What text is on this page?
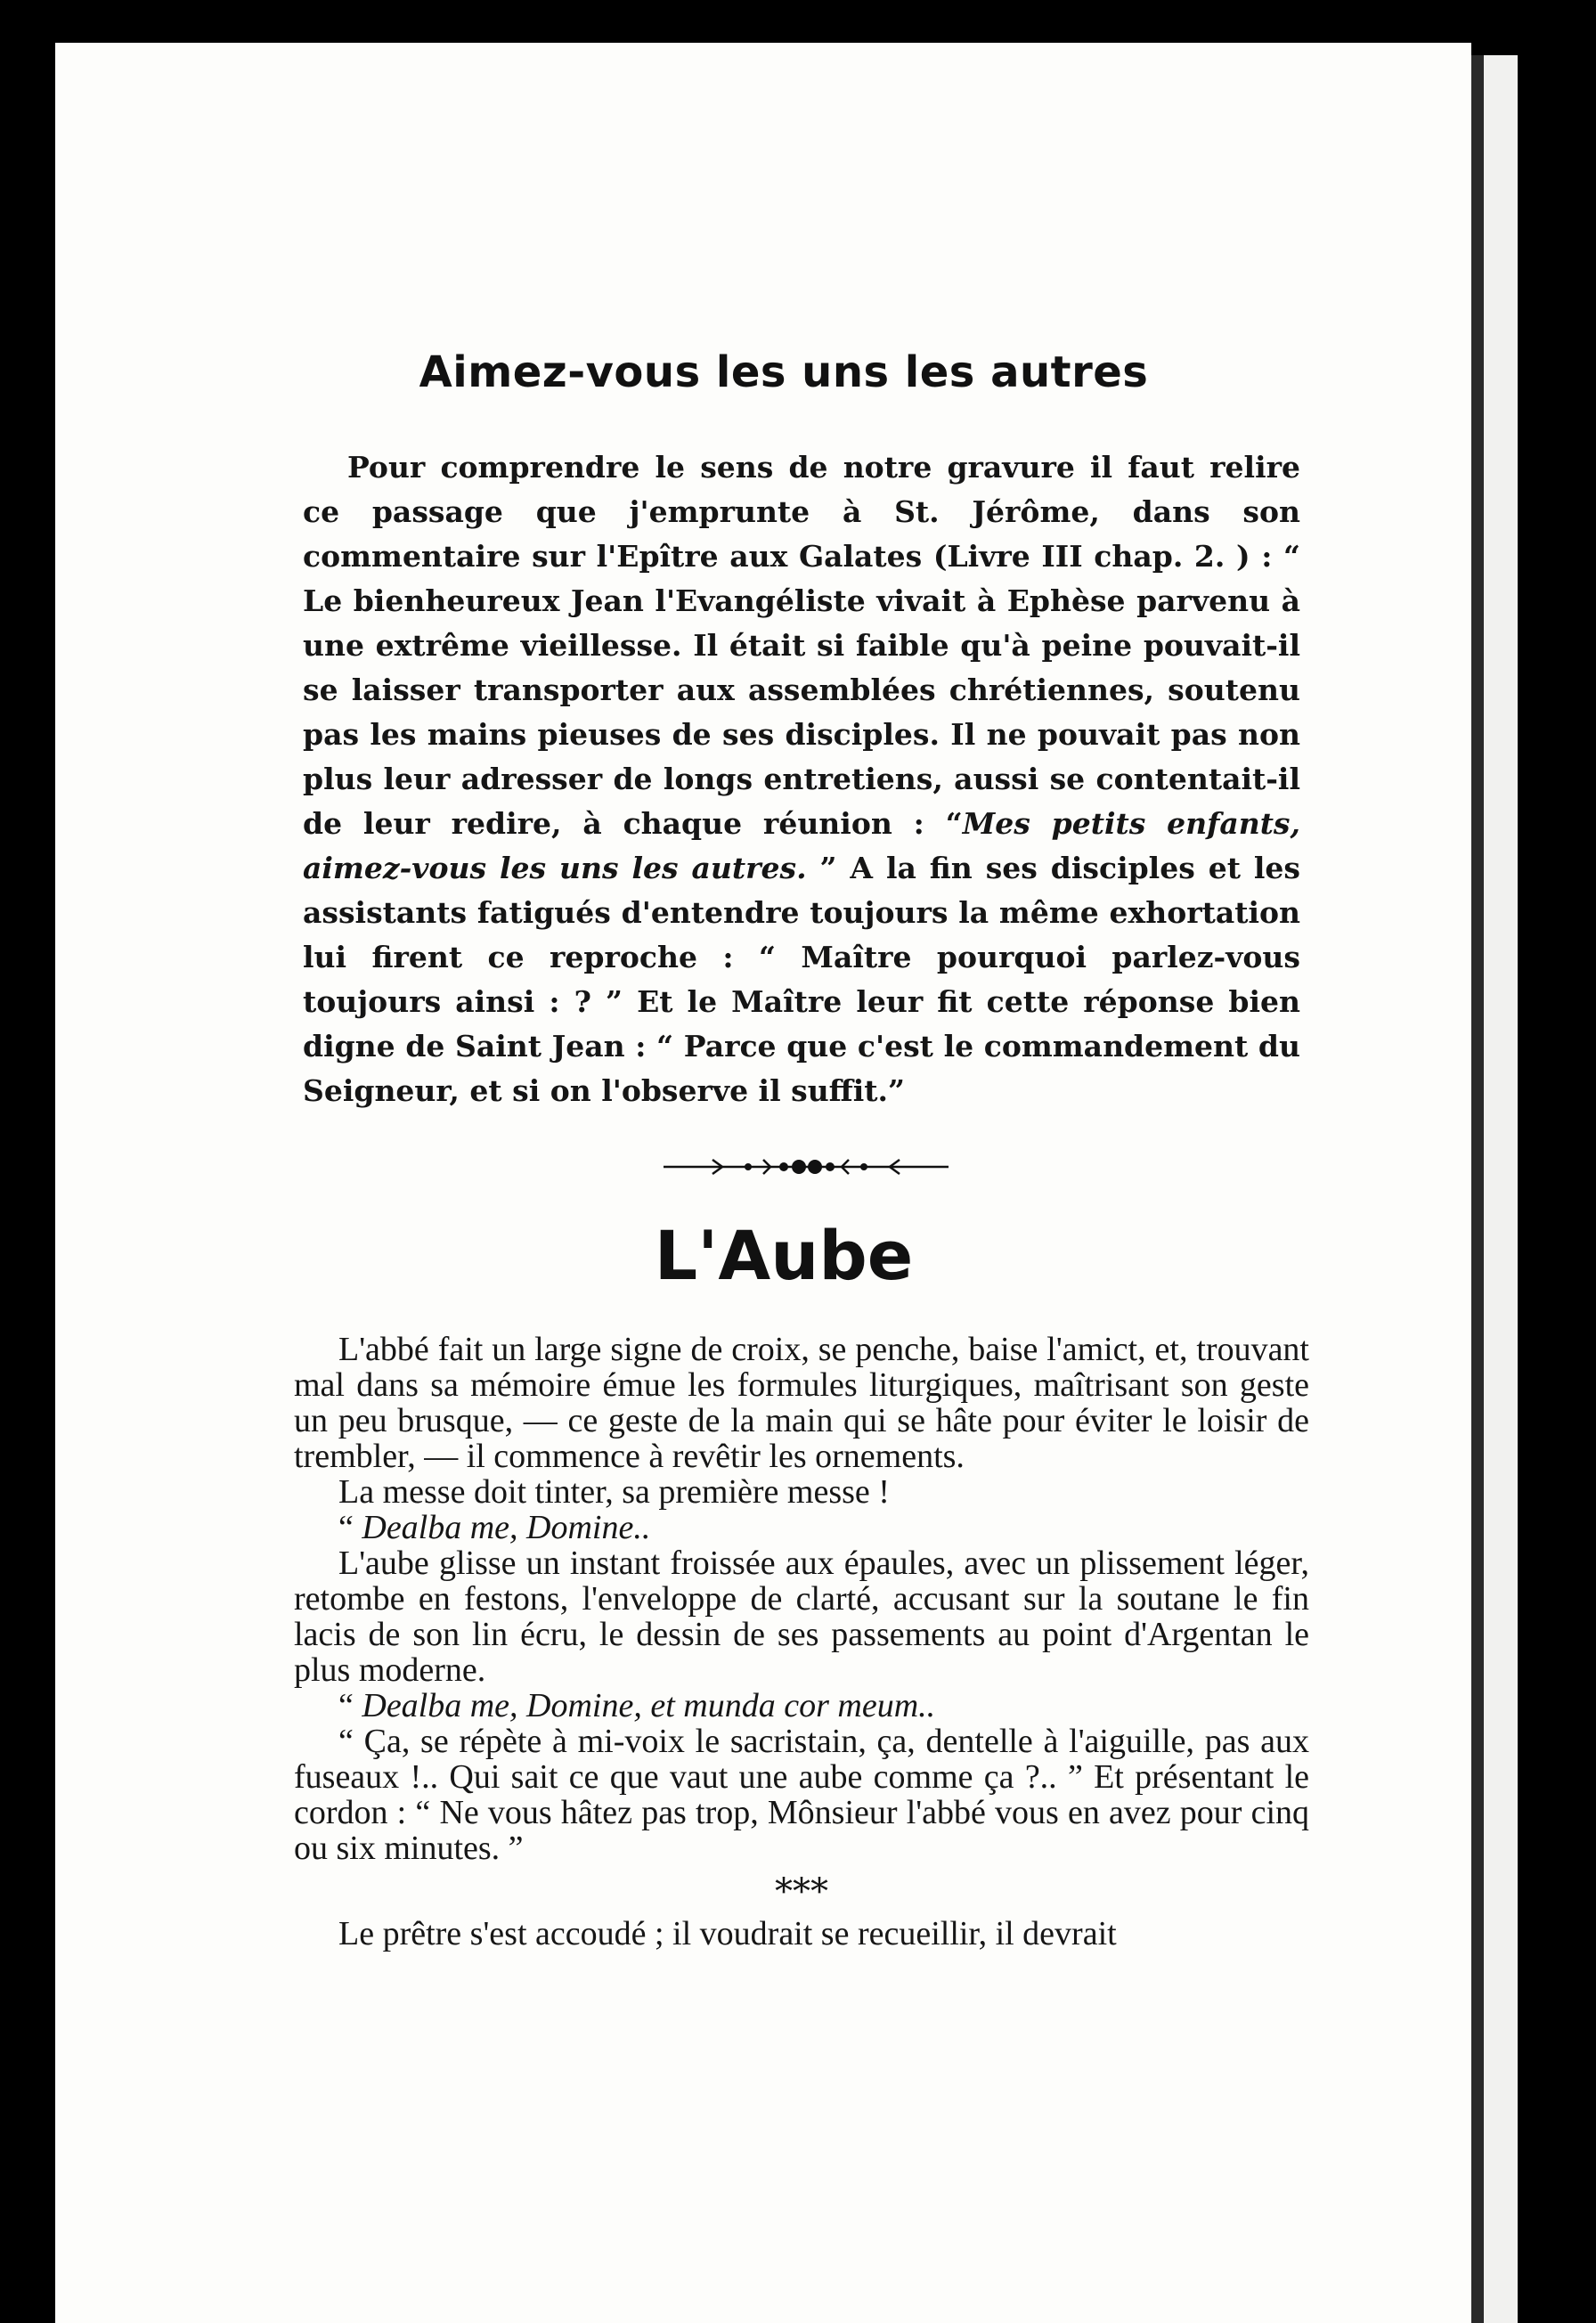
Aimez-vous les uns les autres

Pour comprendre le sens de notre gravure il faut relire ce passage que j'emprunte à St. Jérôme, dans son commentaire sur l'Epître aux Galates (Livre III chap. 2. ) : “ Le bienheureux Jean l'Evangéliste vivait à Ephèse parvenu à une extrême vieillesse. Il était si faible qu'à peine pouvait-il se laisser transporter aux assemblées chrétiennes, soutenu pas les mains pieuses de ses disciples. Il ne pouvait pas non plus leur adresser de longs entretiens, aussi se contentait-il de leur redire, à chaque réunion : “Mes petits enfants, aimez-vous les uns les autres. ” A la fin ses disciples et les assistants fatigués d'entendre toujours la même exhortation lui firent ce reproche : “ Maître pourquoi parlez-vous toujours ainsi : ? ” Et le Maître leur fit cette réponse bien digne de Saint Jean : “ Parce que c'est le commandement du Seigneur, et si on l'observe il suffit.”

L'Aube

L'abbé fait un large signe de croix, se penche, baise l'amict, et, trouvant mal dans sa mémoire émue les formules liturgiques, maîtrisant son geste un peu brusque, — ce geste de la main qui se hâte pour éviter le loisir de trembler, — il commence à revêtir les ornements.

La messe doit tinter, sa première messe !

“ Dealba me, Domine..

L'aube glisse un instant froissée aux épaules, avec un plissement léger, retombe en festons, l'enveloppe de clarté, accusant sur la soutane le fin lacis de son lin écru, le dessin de ses passements au point d'Argentan le plus moderne.

“ Dealba me, Domine, et munda cor meum..

“ Ça, se répète à mi-voix le sacristain, ça, dentelle à l'aiguille, pas aux fuseaux !.. Qui sait ce que vaut une aube comme ça ?.. ” Et présentant le cordon : “ Ne vous hâtez pas trop, Mônsieur l'abbé vous en avez pour cinq ou six minutes. ”

***

Le prêtre s'est accoudé ; il voudrait se recueillir, il devrait
